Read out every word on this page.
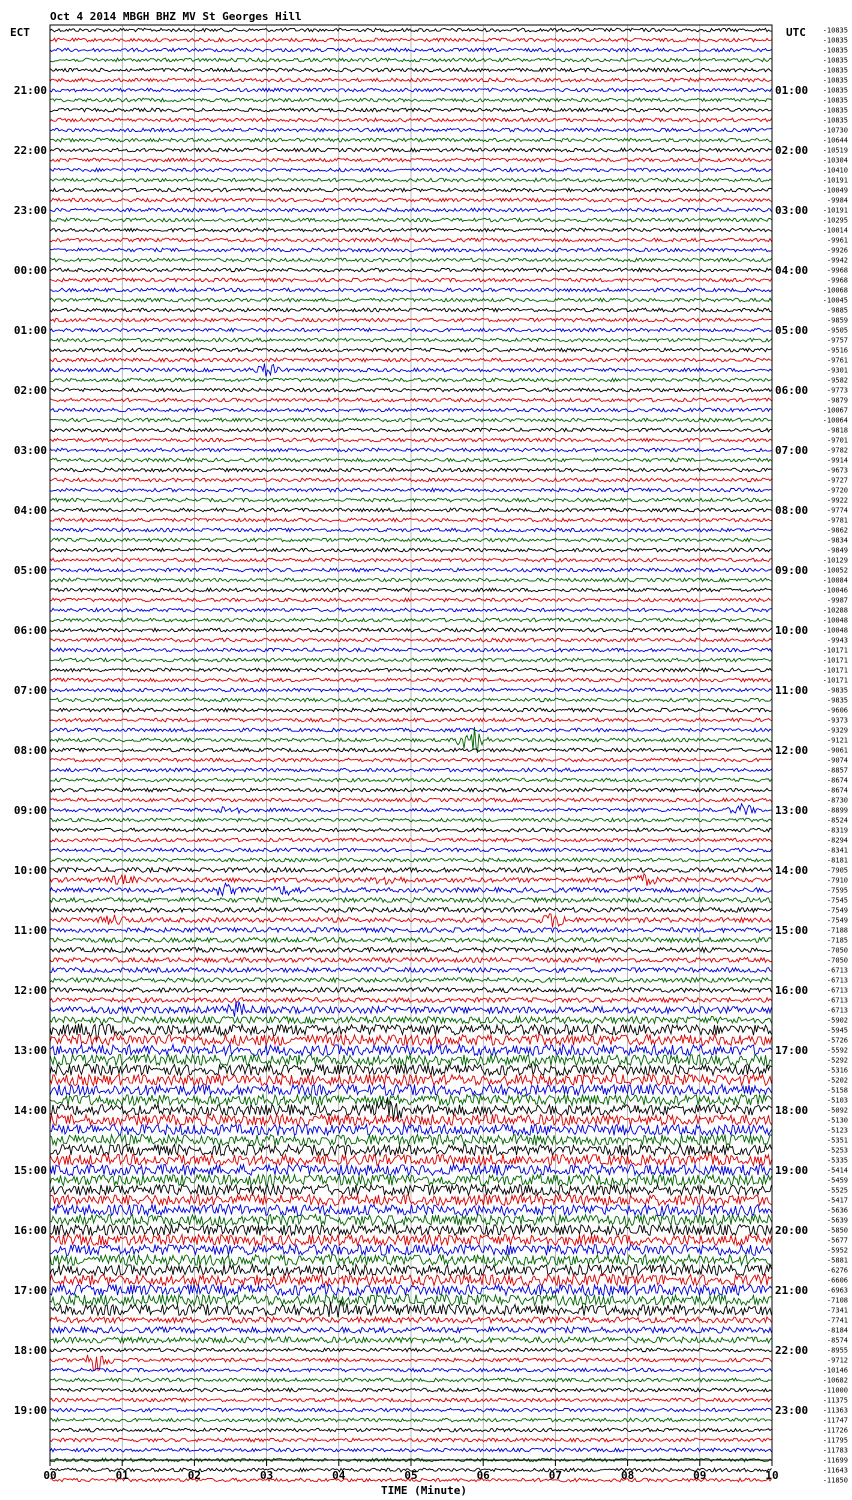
Oct 4 2014 MBGH BHZ MV St Georges Hill
ECT	UTC
21:00
22:00
23:00
00:00
01:00
02:00
03:00
04:00
05:00
06:00
07:00
08:00
09:00
10:00
11:00
12:00
13:00
14:00
15:00
16:00
17:00
18:00
19:00
01:00
02:00
03:00
04:00
05:00
06:00
07:00
08:00
09:00
10:00
11:00
12:00
13:00
14:00
15:00
16:00
17:00
18:00
19:00
20:00
21:00
22:00
23:00
-10835
-10835
-10835
-10835
-10835
-10835
-10835
-10835
-10835
-10835
-10730
-10644
-10519
-10304
-10410
-10191
-10049
-9984
-10191
-10295
-10014
-9961
-9926
-9942
-9968
-9968
-10068
-10045
-9885
-9859
-9505
-9757
-9516
-9761
-9301
-9582
-9773
-9879
-10067
-10064
-9818
-9701
-9782
-9914
-9673
-9727
-9720
-9922
-9774
-9781
-9862
-9834
-9849
-10129
-10052
-10084
-10046
-9987
-10288
-10048
-10048
-9943
-10171
-10171
-10171
-10171
-9835
-9835
-9606
-9373
-9329
-9121
-9061
-9074
-8857
-8674
-8674
-8730
-8899
-8524
-8319
-8294
-8341
-8181
-7905
-7910
-7595
-7545
-7549
-7549
-7188
-7185
-7050
-7050
-6713
-6713
-6713
-6713
-6713
-5902
-5945
-5726
-5592
-5292
-5316
-5202
-5158
-5103
-5092
-5130
-5123
-5351
-5253
-5335
-5414
-5459
-5525
-5417
-5636
-5639
-5850
-5677
-5952
-5881
-6276
-6606
-6963
-7108
-7341
-7741
-8184
-8574
-8955
-9712
-10146
-10682
-11000
-11375
-11363
-11747
-11726
-11795
-11783
-11699
-11643
-11850
00	01	02	03	04	05	06	07	08	09	10
TIME (Minute)
